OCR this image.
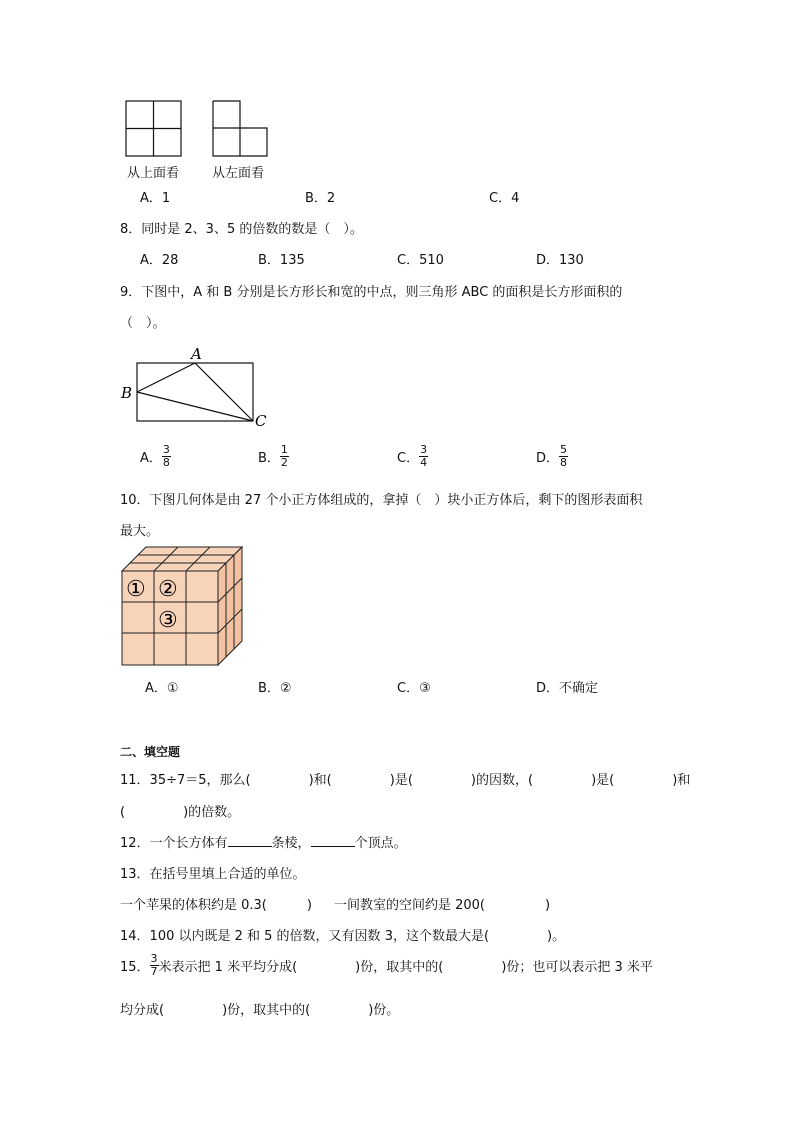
从上面看	从左面看
A．1	B．2	C．4
8．同时是 2、3、5 的倍数的数是（　）。
A．28	B．135	C．510	D．130
9．下图中，A 和 B 分别是长方形长和宽的中点，则三角形 ABC 的面积是长方形面积的
（　）。
A
B
C
A． $\frac{3}{8}$	B． $\frac{1}{2}$	C． $\frac{3}{4}$	D． $\frac{5}{8}$
10．下图几何体是由 27 个小正方体组成的，拿掉（　）块小正方体后，剩下的图形表面积
最大。
① ②
③
A．①	B．②	C．③	D．不确定
二、填空题
11．35÷7＝5，那么(	)和(	)是(	)的因数，(	)是(	)和
(	)的倍数。
12．一个长方体有	条棱，	个顶点。
13．在括号里填上合适的单位。
一个苹果的体积约是 0.3(	) 一间教室的空间约是 200(	)
14．100 以内既是 2 和 5 的倍数，又有因数 3，这个数最大是(	)。
15． $\frac{3}{7}$ 米表示把 1 米平均分成(	)份，取其中的(	)份；也可以表示把 3 米平
均分成(	)份，取其中的(	)份。
